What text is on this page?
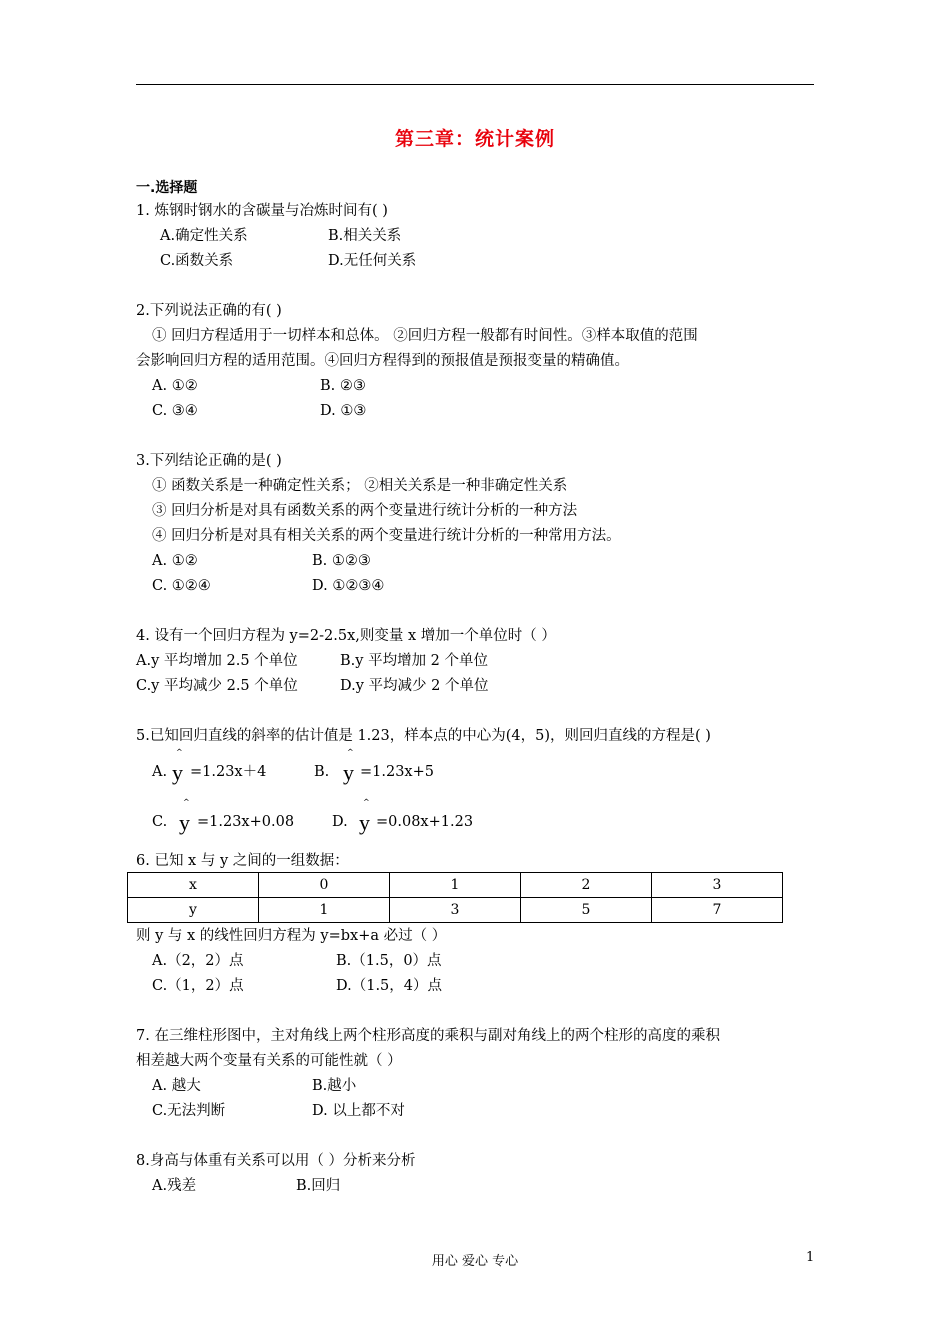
第三章：统计案例
一.选择题
1. 炼钢时钢水的含碳量与冶炼时间有( )
A.确定性关系	B.相关关系
C.函数关系	D.无任何关系
2.下列说法正确的有( )
① 回归方程适用于一切样本和总体。 ②回归方程一般都有时间性。③样本取值的范围
会影响回归方程的适用范围。④回归方程得到的预报值是预报变量的精确值。
A. ①②	B. ②③
C. ③④	D. ①③
3.下列结论正确的是( )
① 函数关系是一种确定性关系； ②相关关系是一种非确定性关系
③ 回归分析是对具有函数关系的两个变量进行统计分析的一种方法
④ 回归分析是对具有相关关系的两个变量进行统计分析的一种常用方法。
A. ①②	B. ①②③
C. ①②④	D. ①②③④
4. 设有一个回归方程为 y=2-2.5x,则变量 x 增加一个单位时（ ）
A.y 平均增加 2.5 个单位	B.y 平均增加 2 个单位
C.y 平均减少 2.5 个单位	D.y 平均减少 2 个单位
5.已知回归直线的斜率的估计值是 1.23，样本点的中心为(4，5)，则回归直线的方程是( )
A.
^
y =1.23x＋4	B.
^
y =1.23x+5
C.
^
y =1.23x+0.08	D.
^
y =0.08x+1.23
6. 已知 x 与 y 之间的一组数据：
x	0	1	2	3
y	1	3	5	7
则 y 与 x 的线性回归方程为 y=bx+a 必过（ ）
A.（2，2）点	B.（1.5，0）点
C.（1，2）点	D.（1.5，4）点
7. 在三维柱形图中，主对角线上两个柱形高度的乘积与副对角线上的两个柱形的高度的乘积
相差越大两个变量有关系的可能性就（ ）
A. 越大	B.越小
C.无法判断	D. 以上都不对
8.身高与体重有关系可以用（ ）分析来分析
A.残差	B.回归
用心 爱心 专心	1
